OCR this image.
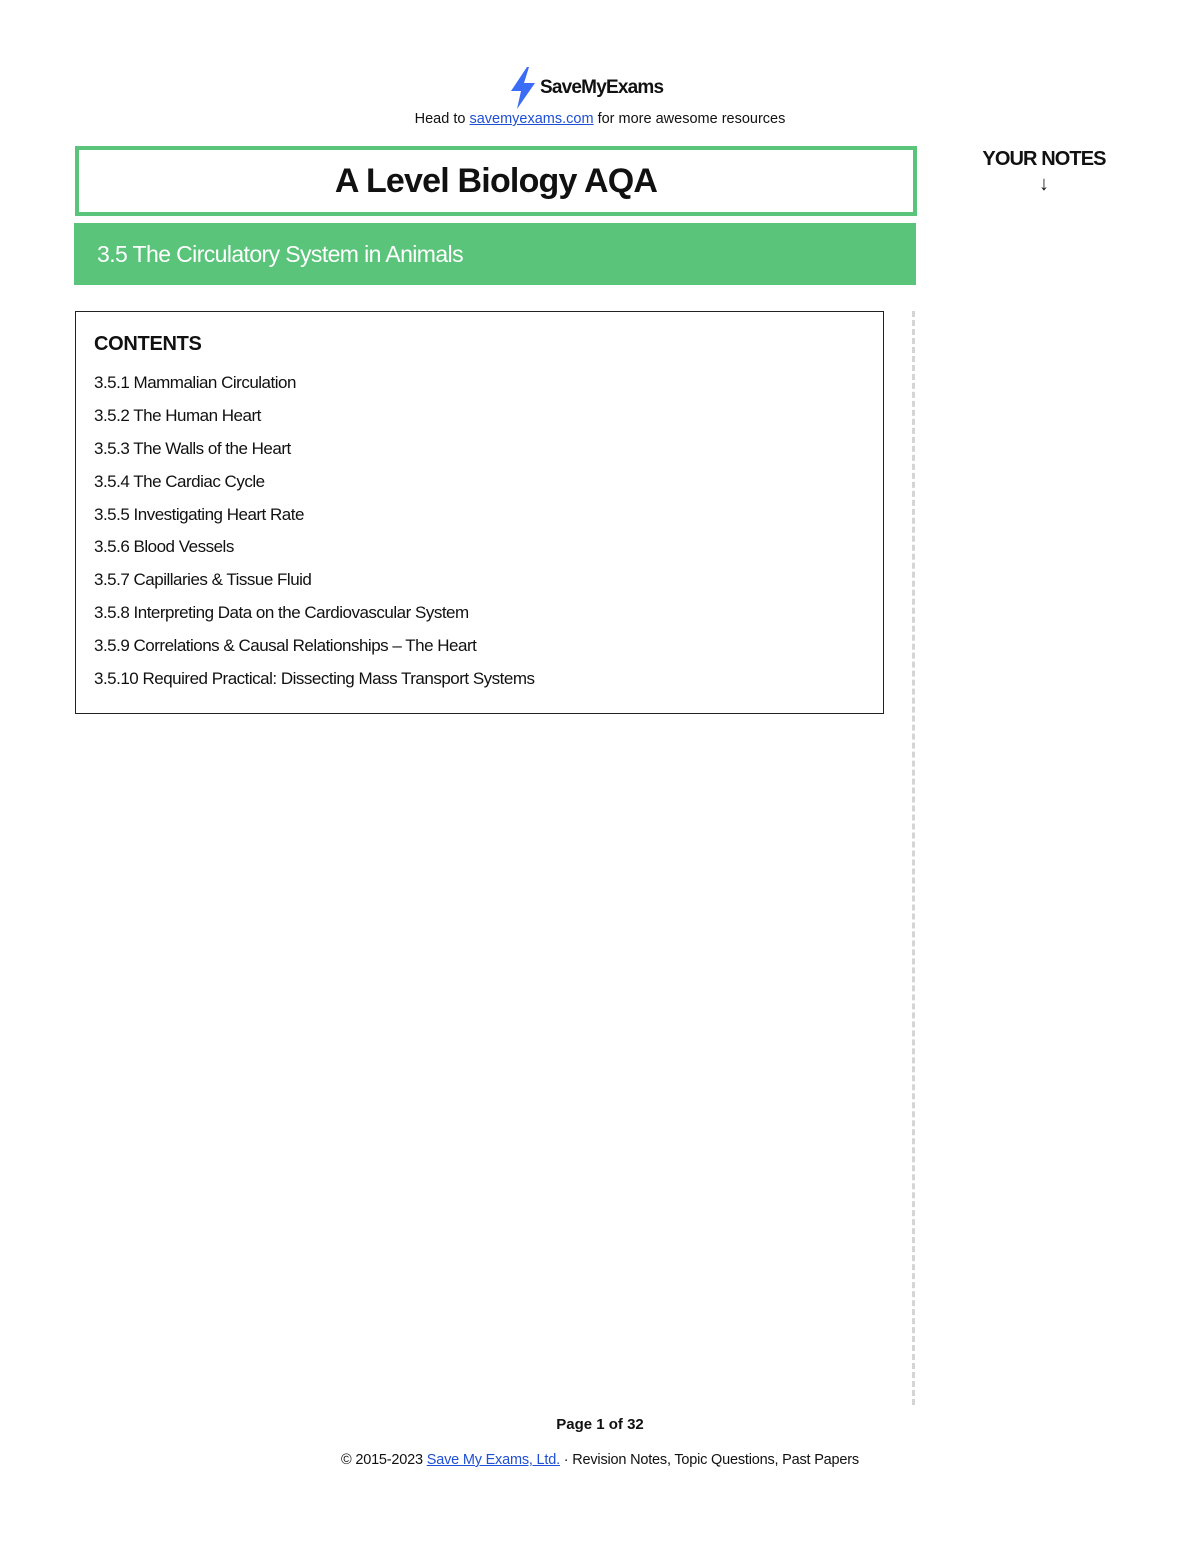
SaveMyExams
Head to savemyexams.com for more awesome resources
A Level Biology AQA
3.5 The Circulatory System in Animals
CONTENTS
3.5.1 Mammalian Circulation
3.5.2 The Human Heart
3.5.3 The Walls of the Heart
3.5.4 The Cardiac Cycle
3.5.5 Investigating Heart Rate
3.5.6 Blood Vessels
3.5.7 Capillaries & Tissue Fluid
3.5.8 Interpreting Data on the Cardiovascular System
3.5.9 Correlations & Causal Relationships – The Heart
3.5.10 Required Practical: Dissecting Mass Transport Systems
YOUR NOTES
↓
Page 1 of 32
© 2015-2023 Save My Exams, Ltd. · Revision Notes, Topic Questions, Past Papers
